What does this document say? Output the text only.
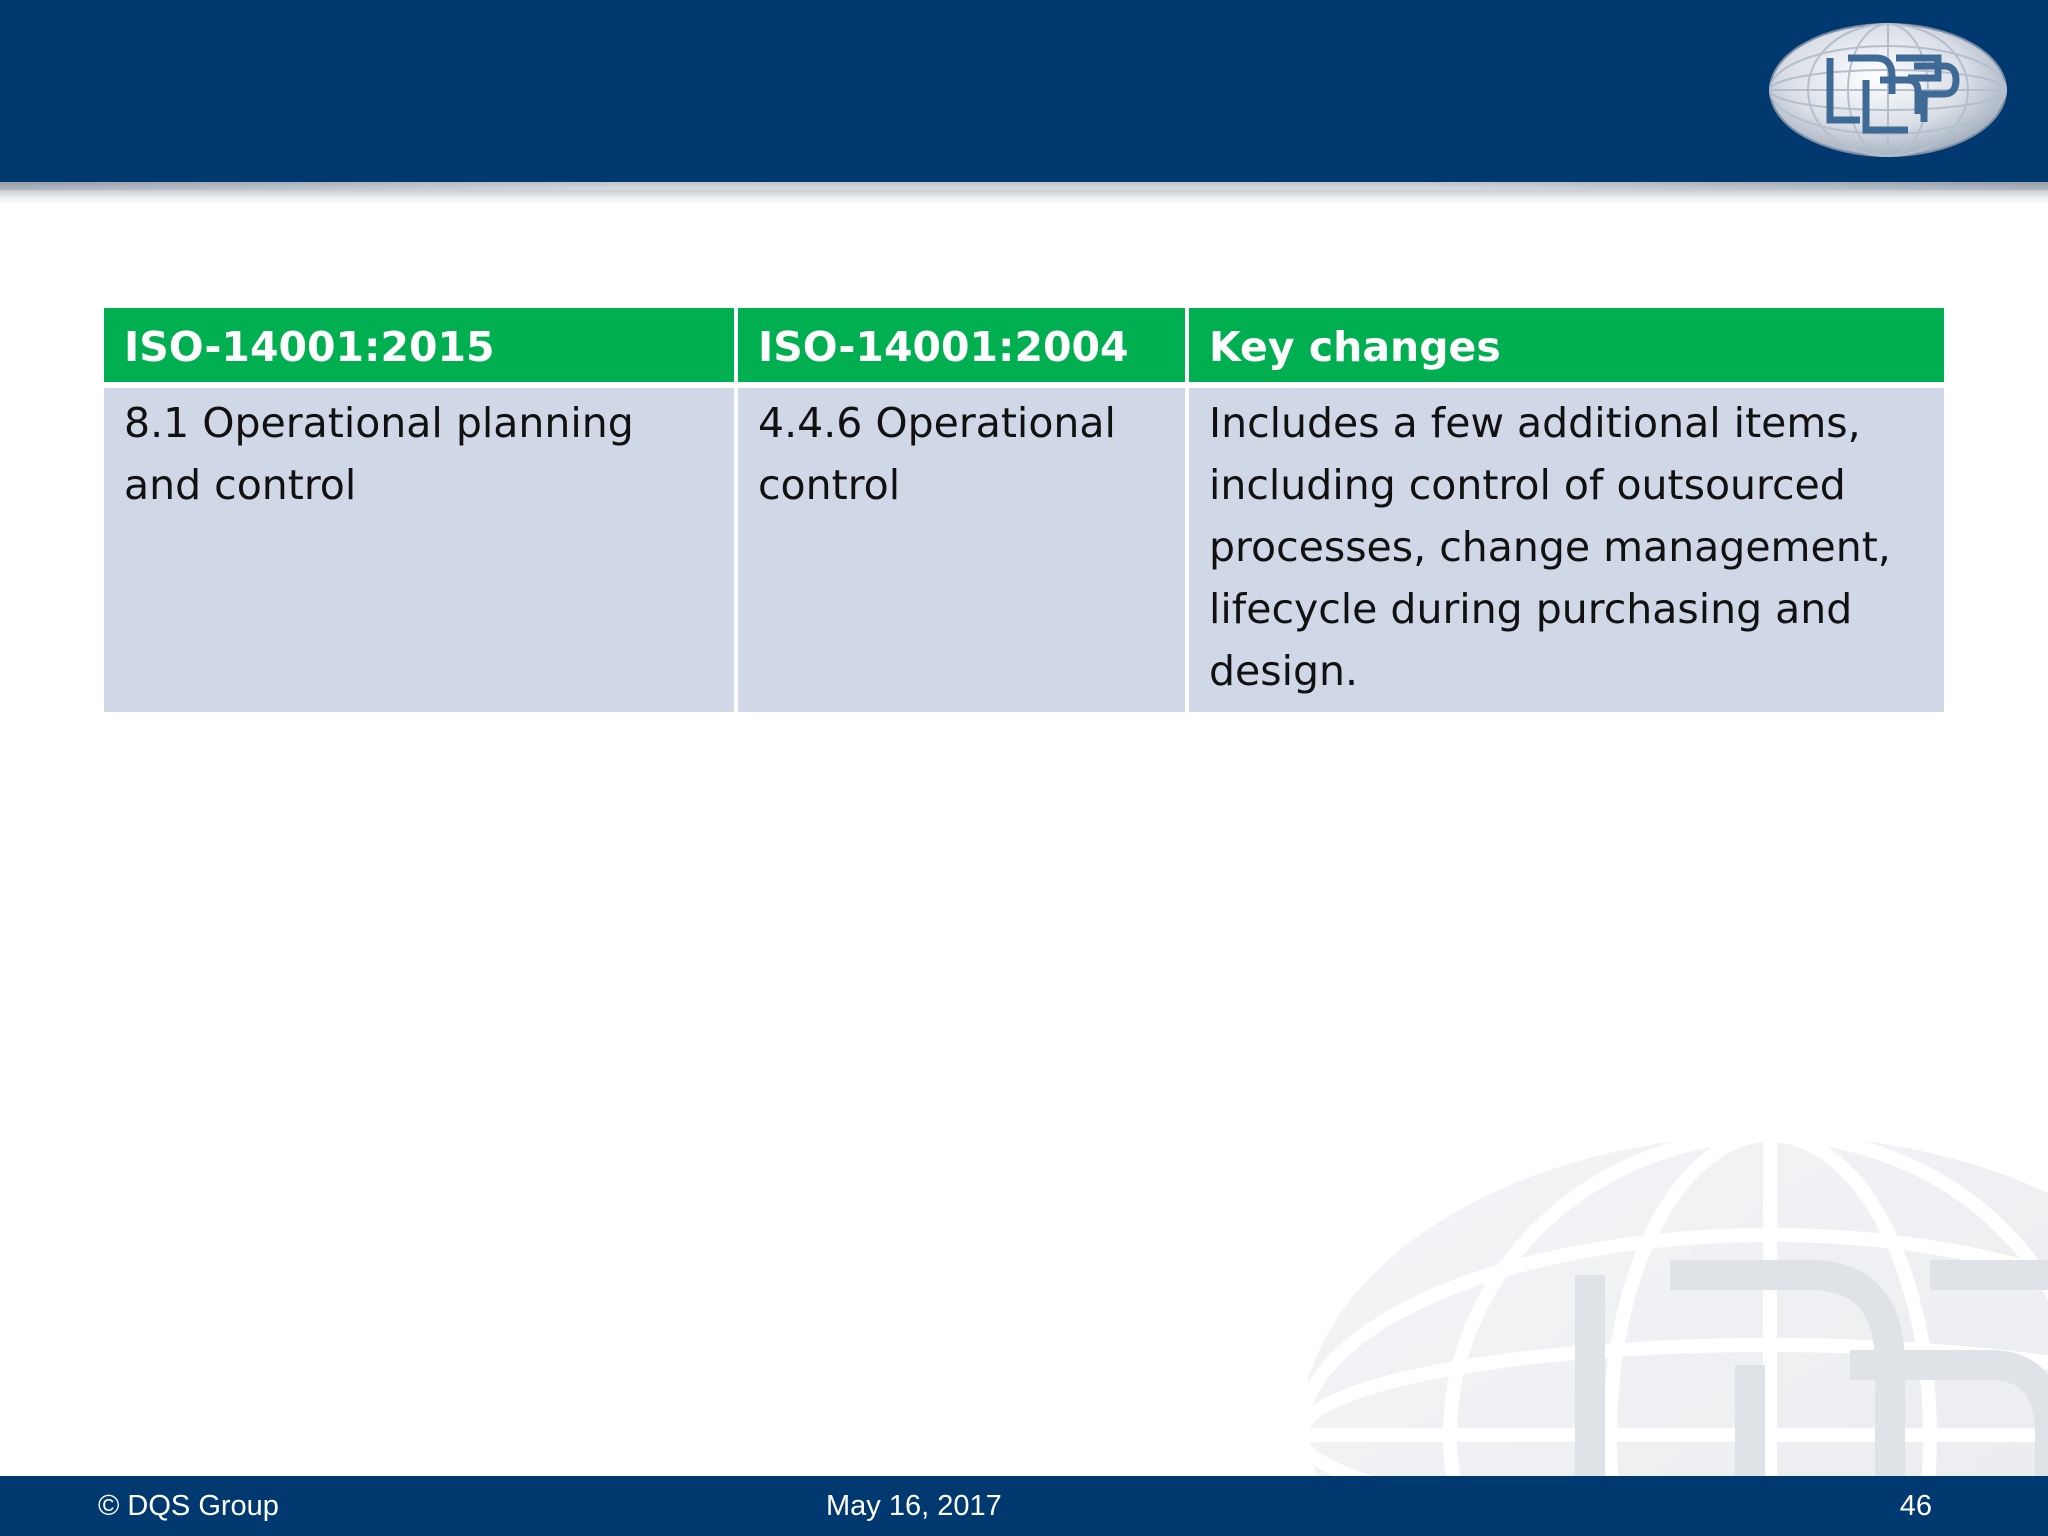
ISO-14001:2015	ISO-14001:2004	Key changes
8.1 Operational planning and control	4.4.6 Operational control	Includes a few additional items, including control of outsourced processes, change management, lifecycle during purchasing and design.
© DQS Group	May 16, 2017	46
